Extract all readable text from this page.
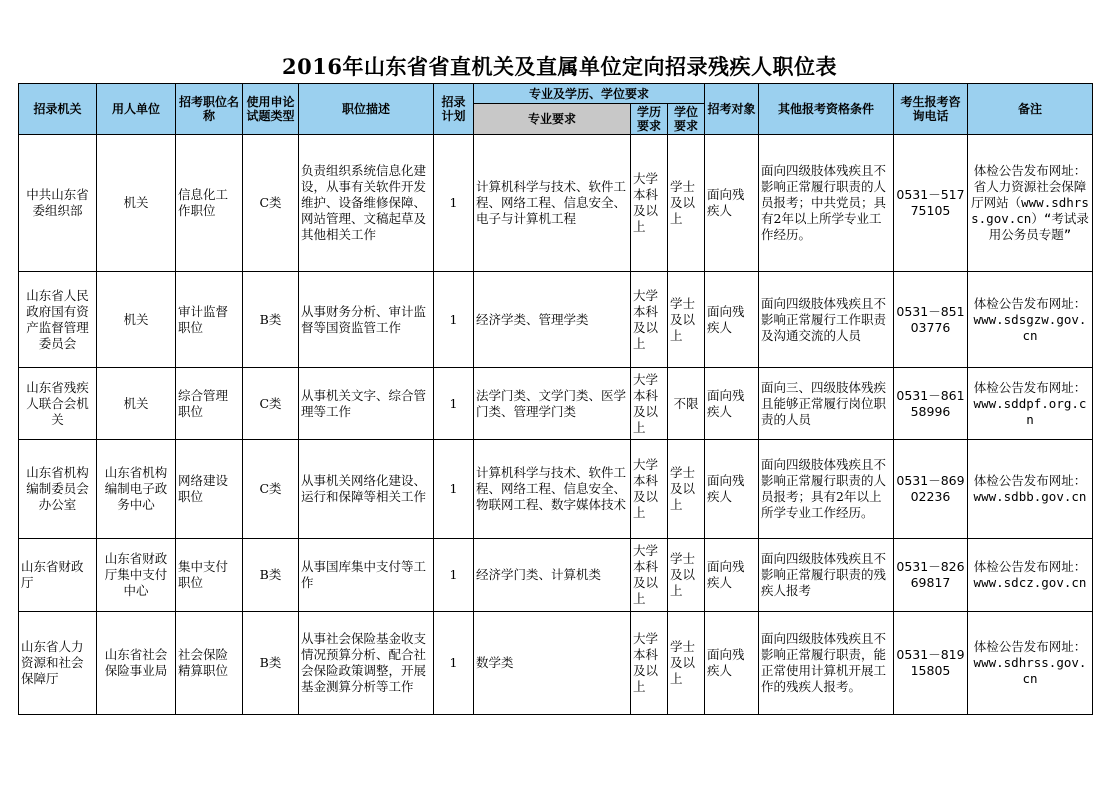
2016年山东省省直机关及直属单位定向招录残疾人职位表
招录机关	用人单位	招考职位名称	使用申论试题类型	职位描述	招录计划	专业及学历、学位要求			招考对象	其他报考资格条件	考生报考咨询电话	备注
						专业要求	学历要求	学位要求				
中共山东省委组织部	机关	信息化工作职位	C类	负责组织系统信息化建设，从事有关软件开发维护、设备维修保障、网站管理、文稿起草及其他相关工作	1	计算机科学与技术、软件工程、网络工程、信息安全、电子与计算机工程	大学本科及以上	学士及以上	面向残疾人	面向四级肢体残疾且不影响正常履行职责的人员报考；中共党员；具有2年以上所学专业工作经历。	0531－51775105	体检公告发布网址：省人力资源社会保障厅网站（www.sdhrss.gov.cn）“考试录用公务员专题”
山东省人民政府国有资产监督管理委员会	机关	审计监督职位	B类	从事财务分析、审计监督等国资监管工作	1	经济学类、管理学类	大学本科及以上	学士及以上	面向残疾人	面向四级肢体残疾且不影响正常履行工作职责及沟通交流的人员	0531－85103776	体检公告发布网址：www.sdsgzw.gov.cn
山东省残疾人联合会机关	机关	综合管理职位	C类	从事机关文字、综合管理等工作	1	法学门类、文学门类、医学门类、管理学门类	大学本科及以上	不限	面向残疾人	面向三、四级肢体残疾且能够正常履行岗位职责的人员	0531－86158996	体检公告发布网址：www.sddpf.org.cn
山东省机构编制委员会办公室	山东省机构编制电子政务中心	网络建设职位	C类	从事机关网络化建设、运行和保障等相关工作	1	计算机科学与技术、软件工程、网络工程、信息安全、物联网工程、数字媒体技术	大学本科及以上	学士及以上	面向残疾人	面向四级肢体残疾且不影响正常履行职责的人员报考；具有2年以上所学专业工作经历。	0531－86902236	体检公告发布网址：www.sdbb.gov.cn
山东省财政厅	山东省财政厅集中支付中心	集中支付职位	B类	从事国库集中支付等工作	1	经济学门类、计算机类	大学本科及以上	学士及以上	面向残疾人	面向四级肢体残疾且不影响正常履行职责的残疾人报考	0531－82669817	体检公告发布网址：www.sdcz.gov.cn
山东省人力资源和社会保障厅	山东省社会保险事业局	社会保险精算职位	B类	从事社会保险基金收支情况预算分析、配合社会保险政策调整，开展基金测算分析等工作	1	数学类	大学本科及以上	学士及以上	面向残疾人	面向四级肢体残疾且不影响正常履行职责，能正常使用计算机开展工作的残疾人报考。	0531－81915805	体检公告发布网址：www.sdhrss.gov.cn
